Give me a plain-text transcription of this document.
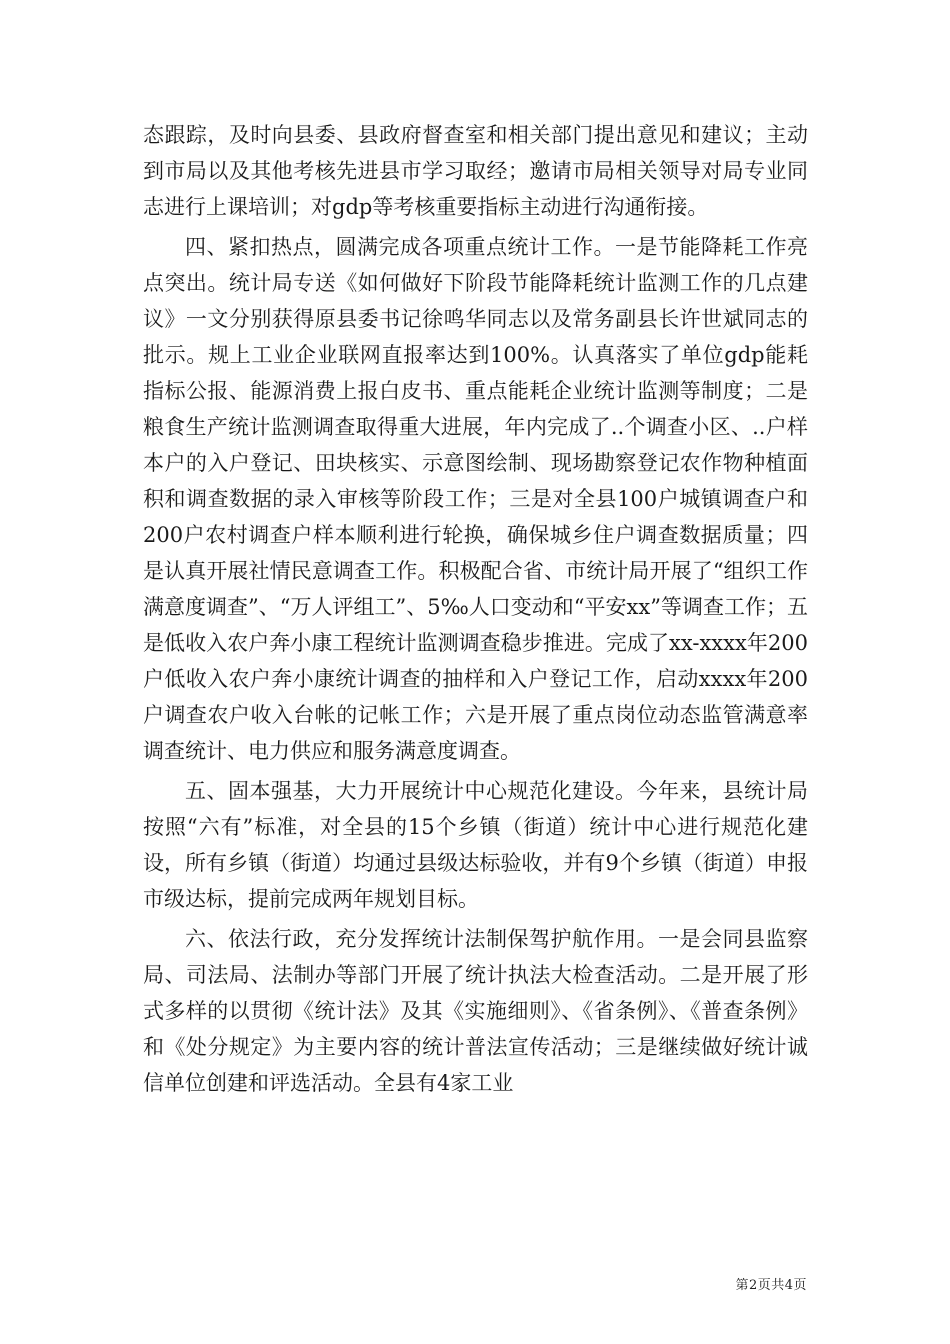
态跟踪，及时向县委、县政府督查室和相关部门提出意见和建议；主动到市局以及其他考核先进县市学习取经；邀请市局相关领导对局专业同志进行上课培训；对gdp等考核重要指标主动进行沟通衔接。

四、紧扣热点，圆满完成各项重点统计工作。一是节能降耗工作亮点突出。统计局专送《如何做好下阶段节能降耗统计监测工作的几点建议》一文分别获得原县委书记徐鸣华同志以及常务副县长许世斌同志的批示。规上工业企业联网直报率达到100%。认真落实了单位gdp能耗指标公报、能源消费上报白皮书、重点能耗企业统计监测等制度；二是粮食生产统计监测调查取得重大进展，年内完成了..个调查小区、..户样本户的入户登记、田块核实、示意图绘制、现场勘察登记农作物种植面积和调查数据的录入审核等阶段工作；三是对全县100户城镇调查户和200户农村调查户样本顺利进行轮换，确保城乡住户调查数据质量；四是认真开展社情民意调查工作。积极配合省、市统计局开展了“组织工作满意度调查”、“万人评组工”、5‰人口变动和“平安xx”等调查工作；五是低收入农户奔小康工程统计监测调查稳步推进。完成了xx-xxxx年200户低收入农户奔小康统计调查的抽样和入户登记工作，启动xxxx年200户调查农户收入台帐的记帐工作；六是开展了重点岗位动态监管满意率调查统计、电力供应和服务满意度调查。

五、固本强基，大力开展统计中心规范化建设。今年来，县统计局按照“六有”标准，对全县的15个乡镇（街道）统计中心进行规范化建设，所有乡镇（街道）均通过县级达标验收，并有9个乡镇（街道）申报市级达标，提前完成两年规划目标。

六、依法行政，充分发挥统计法制保驾护航作用。一是会同县监察局、司法局、法制办等部门开展了统计执法大检查活动。二是开展了形式多样的以贯彻《统计法》及其《实施细则》、《省条例》、《普查条例》和《处分规定》为主要内容的统计普法宣传活动；三是继续做好统计诚信单位创建和评选活动。全县有4家工业

第2页共4页
